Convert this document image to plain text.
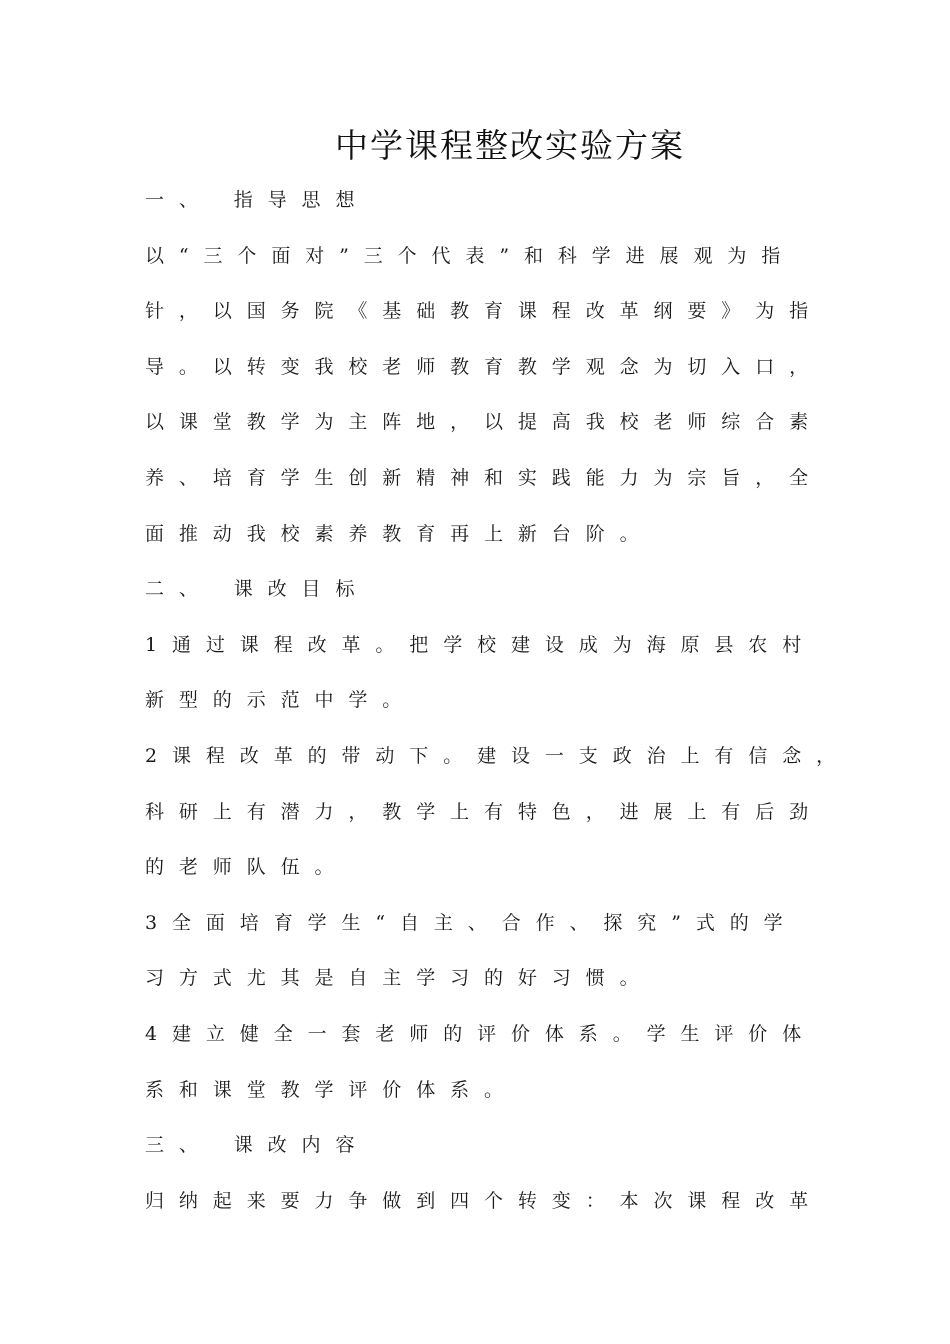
中学课程整改实验方案
一、 指导思想
以“三个面对”三个代表”和科学进展观为指
针，以国务院《基础教育课程改革纲要》为指
导。以转变我校老师教育教学观念为切入口，
以课堂教学为主阵地，以提高我校老师综合素
养、培育学生创新精神和实践能力为宗旨，全
面推动我校素养教育再上新台阶。
二、 课改目标
1通过课程改革。把学校建设成为海原县农村
新型的示范中学。
2课程改革的带动下。建设一支政治上有信念，
科研上有潜力，教学上有特色，进展上有后劲
的老师队伍。
3全面培育学生“自主、合作、探究”式的学
习方式尤其是自主学习的好习惯。
4建立健全一套老师的评价体系。学生评价体
系和课堂教学评价体系。
三、 课改内容
归纳起来要力争做到四个转变：本次课程改革
